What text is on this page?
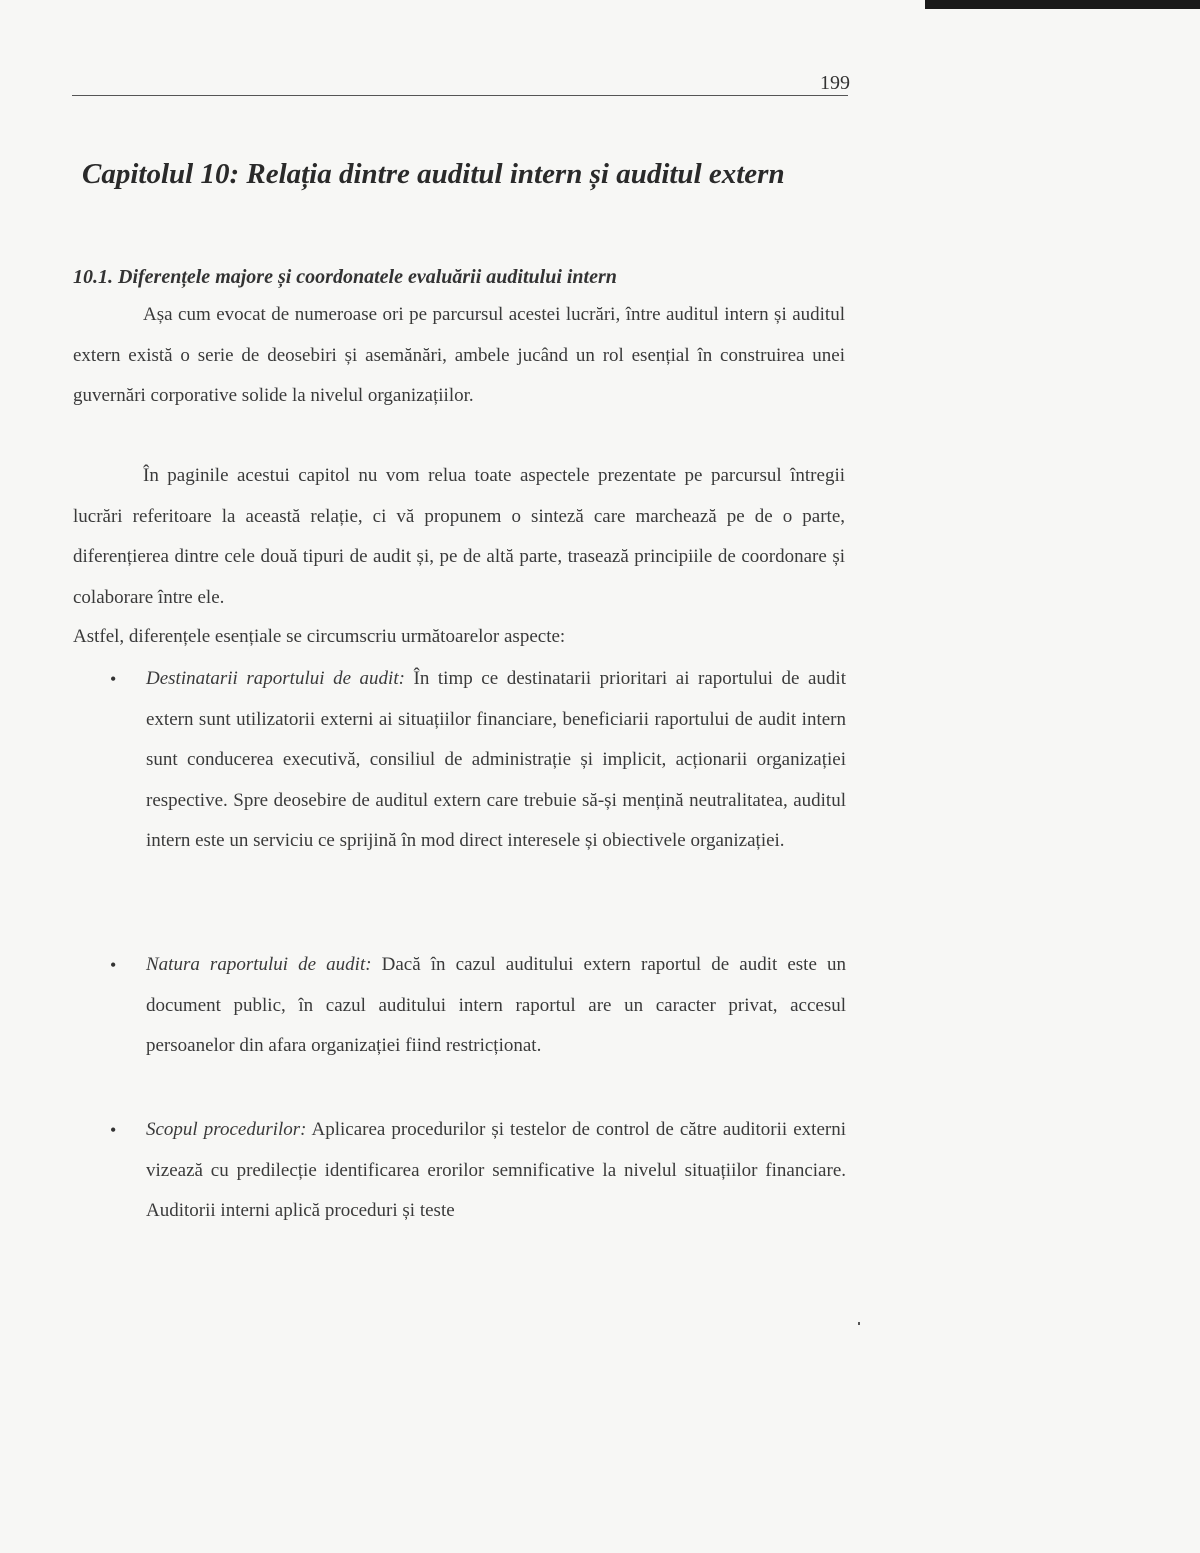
199
Capitolul 10: Relația dintre auditul intern și auditul extern
10.1. Diferențele majore și coordonatele evaluării auditului intern

Așa cum evocat de numeroase ori pe parcursul acestei lucrări, între auditul intern și auditul extern există o serie de deosebiri și asemănări, ambele jucând un rol esențial în construirea unei guvernări corporative solide la nivelul organizațiilor.

În paginile acestui capitol nu vom relua toate aspectele prezentate pe parcursul întregii lucrări referitoare la această relație, ci vă propunem o sinteză care marchează pe de o parte, diferențierea dintre cele două tipuri de audit și, pe de altă parte, trasează principiile de coordonare și colaborare între ele.

Astfel, diferențele esențiale se circumscriu următoarelor aspecte:

•	Destinatarii raportului de audit: În timp ce destinatarii prioritari ai raportului de audit extern sunt utilizatorii externi ai situațiilor financiare, beneficiarii raportului de audit intern sunt conducerea executivă, consiliul de administrație și implicit, acționarii organizației respective. Spre deosebire de auditul extern care trebuie să-și mențină neutralitatea, auditul intern este un serviciu ce sprijină în mod direct interesele și obiectivele organizației.

•	Natura raportului de audit: Dacă în cazul auditului extern raportul de audit este un document public, în cazul auditului intern raportul are un caracter privat, accesul persoanelor din afara organizației fiind restricționat.

•	Scopul procedurilor: Aplicarea procedurilor și testelor de control de către auditorii externi vizează cu predilecție identificarea erorilor semnificative la nivelul situațiilor financiare. Auditorii interni aplică proceduri și teste
